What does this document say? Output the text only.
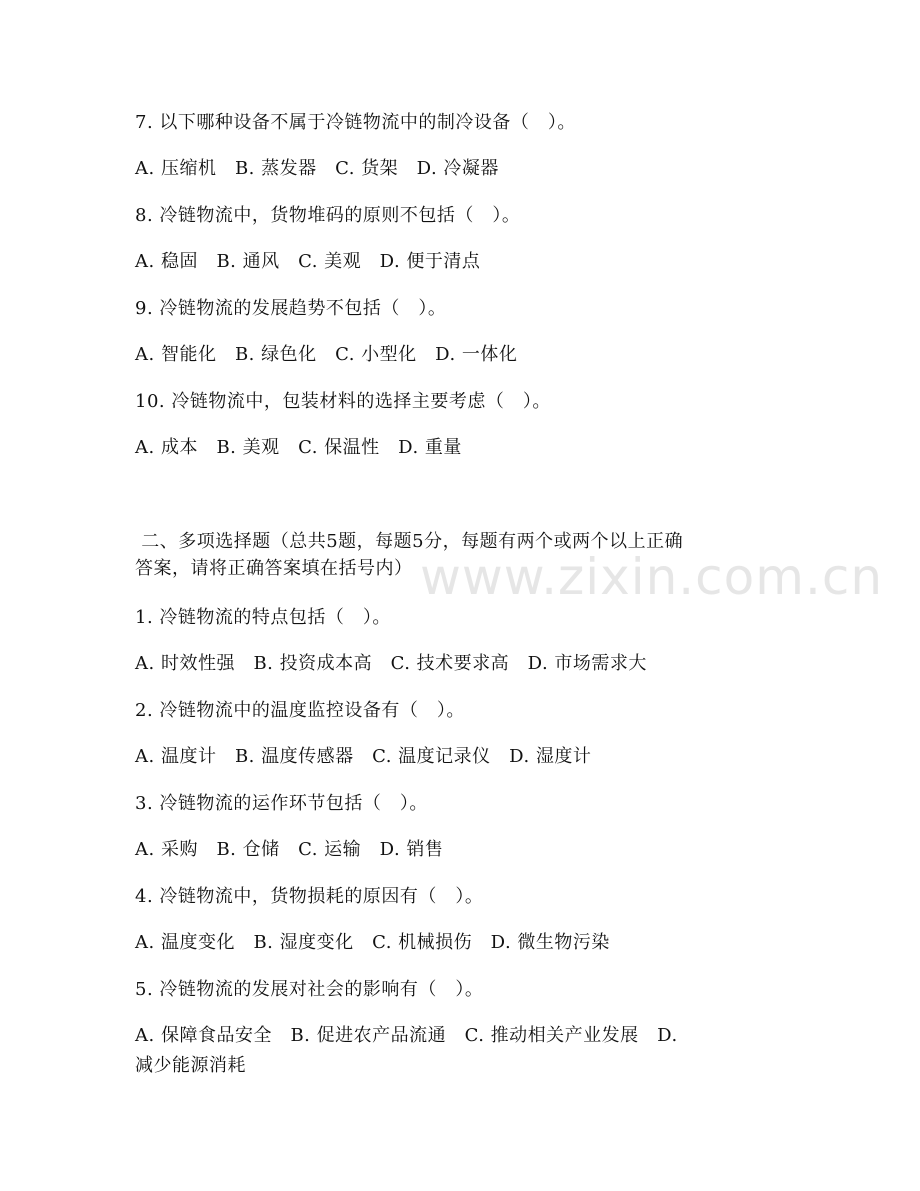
www.zixin.com.cn
7. 以下哪种设备不属于冷链物流中的制冷设备（　）。
A. 压缩机　B. 蒸发器　C. 货架　D. 冷凝器
8. 冷链物流中，货物堆码的原则不包括（　）。
A. 稳固　B. 通风　C. 美观　D. 便于清点
9. 冷链物流的发展趋势不包括（　）。
A. 智能化　B. 绿色化　C. 小型化　D. 一体化
10. 冷链物流中，包装材料的选择主要考虑（　）。
A. 成本　B. 美观　C. 保温性　D. 重量
二、多项选择题（总共5题，每题5分，每题有两个或两个以上正确
答案，请将正确答案填在括号内）
1. 冷链物流的特点包括（　）。
A. 时效性强　B. 投资成本高　C. 技术要求高　D. 市场需求大
2. 冷链物流中的温度监控设备有（　）。
A. 温度计　B. 温度传感器　C. 温度记录仪　D. 湿度计
3. 冷链物流的运作环节包括（　）。
A. 采购　B. 仓储　C. 运输　D. 销售
4. 冷链物流中，货物损耗的原因有（　）。
A. 温度变化　B. 湿度变化　C. 机械损伤　D. 微生物污染
5. 冷链物流的发展对社会的影响有（　）。
A. 保障食品安全　B. 促进农产品流通　C. 推动相关产业发展　D.
减少能源消耗
